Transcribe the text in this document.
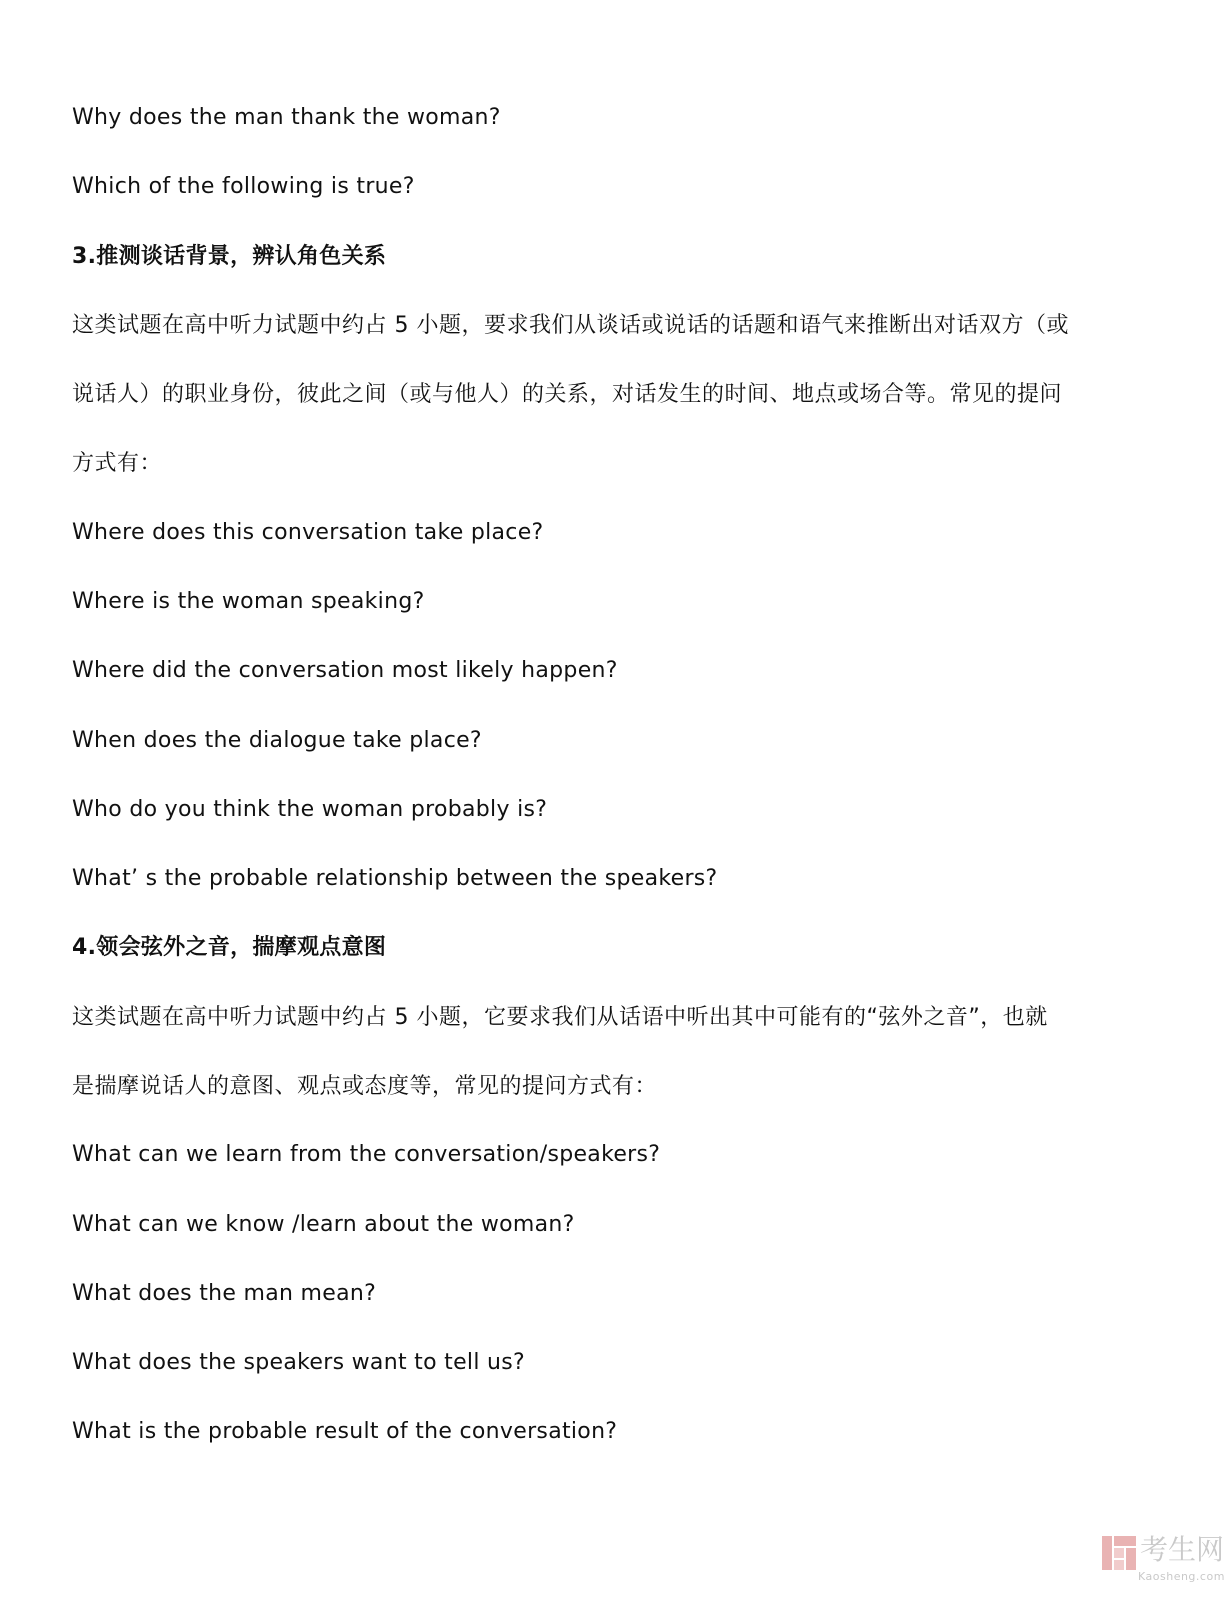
Why does the man thank the woman?
Which of the following is true?
3.推测谈话背景，辨认角色关系
这类试题在高中听力试题中约占 5 小题，要求我们从谈话或说话的话题和语气来推断出对话双方（或
说话人）的职业身份，彼此之间（或与他人）的关系，对话发生的时间、地点或场合等。常见的提问
方式有：
Where does this conversation take place?
Where is the woman speaking?
Where did the conversation most likely happen?
When does the dialogue take place?
Who do you think the woman probably is?
What’ s the probable relationship between the speakers?
4.领会弦外之音，揣摩观点意图
这类试题在高中听力试题中约占 5 小题，它要求我们从话语中听出其中可能有的“弦外之音”，也就
是揣摩说话人的意图、观点或态度等，常见的提问方式有：
What can we learn from the conversation/speakers?
What can we know /learn about the woman?
What does the man mean?
What does the speakers want to tell us?
What is the probable result of the conversation?
考生网
Kaosheng.com
